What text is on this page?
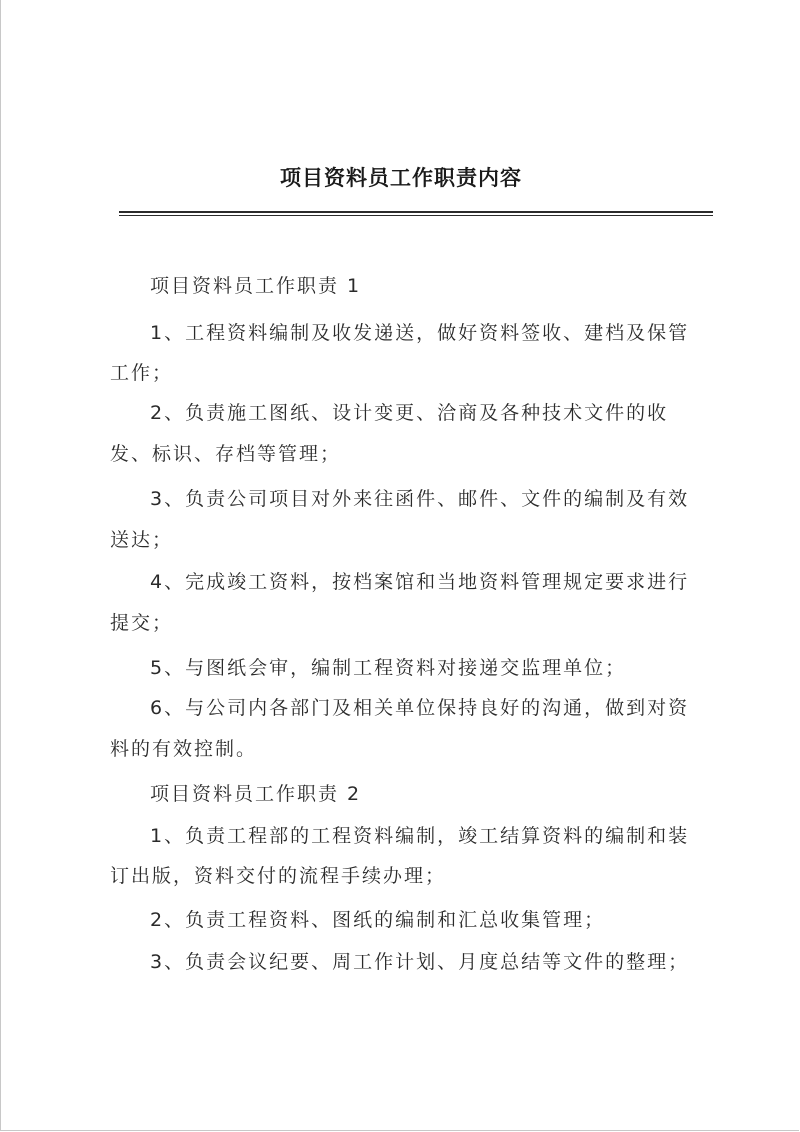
项目资料员工作职责内容
项目资料员工作职责 1
1、工程资料编制及收发递送，做好资料签收、建档及保管
工作；
2、负责施工图纸、设计变更、洽商及各种技术文件的收
发、标识、存档等管理；
3、负责公司项目对外来往函件、邮件、文件的编制及有效
送达；
4、完成竣工资料，按档案馆和当地资料管理规定要求进行
提交；
5、与图纸会审，编制工程资料对接递交监理单位；
6、与公司内各部门及相关单位保持良好的沟通，做到对资
料的有效控制。
项目资料员工作职责 2
1、负责工程部的工程资料编制，竣工结算资料的编制和装
订出版，资料交付的流程手续办理；
2、负责工程资料、图纸的编制和汇总收集管理；
3、负责会议纪要、周工作计划、月度总结等文件的整理；
